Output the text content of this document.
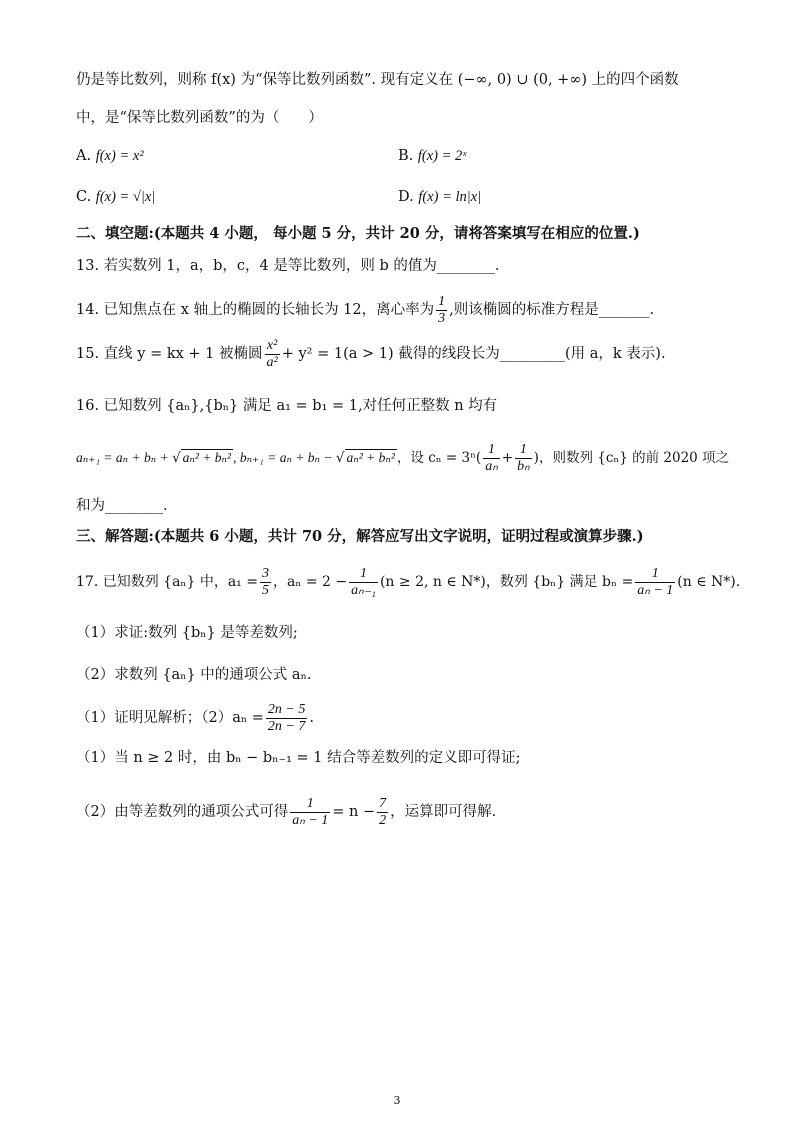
仍是等比数列，则称 f(x) 为“保等比数列函数”. 现有定义在 (−∞, 0) ∪ (0, +∞) 上的四个函数
中，是“保等比数列函数”的为（　　）
A. f(x) = x²	B. f(x) = 2ˣ
C. f(x) = √|x|	D. f(x) = ln|x|
二、填空题:(本题共 4 小题， 每小题 5 分，共计 20 分，请将答案填写在相应的位置.)
13. 若实数列 1，a，b，c，4 是等比数列，则 b 的值为________.
14. 已知焦点在 x 轴上的椭圆的长轴长为 12，离心率为 $\frac{1}{3}$ ,则该椭圆的标准方程是_______.
15. 直线 y = kx + 1 被椭圆 $\frac{\text{x²}}{\text{a²}} + y^2 = 1(a > 1)$ 截得的线段长为_________(用 a，k 表示).
16. 已知数列 {aₙ},{bₙ} 满足 a₁ = b₁ = 1,对任何正整数 n 均有
aₙ₊₁ = aₙ + bₙ + √ aₙ² + bₙ² , bₙ₊₁ = aₙ + bₙ − √ aₙ² + bₙ² ，设 $c_n = 3^n( \frac{1}{\text{aₙ}} + \frac{1}{\text{bₙ}}$ )，则数列 {cₙ} 的前 2020 项之
和为________.
三、解答题:(本题共 6 小题，共计 70 分，解答应写出文字说明，证明过程或演算步骤.)
17. 已知数列 {aₙ} 中，$a_1 = \frac{3}{5}$ ，$a_n = 2 - \frac{1}{\text{aₙ₋₁}} (n \ge 2$, n ∈ N*)，数列 {bₙ} 满足 $b_n = \frac{1}{\text{aₙ − 1}} (n$ ∈ N*).
（1）求证:数列 {bₙ} 是等差数列;
（2）求数列 {aₙ} 中的通项公式 aₙ.
（1）证明见解析；$(2)a_n = \frac{2n - 5}{2n - 7}$ .
（1）当 n ≥ 2 时，由 bₙ − bₙ₋₁ = 1 结合等差数列的定义即可得证;
（2）由等差数列的通项公式可得 $\frac{1}{\text{aₙ − 1}} = n - \frac{7}{2}$ ，运算即可得解.
3
